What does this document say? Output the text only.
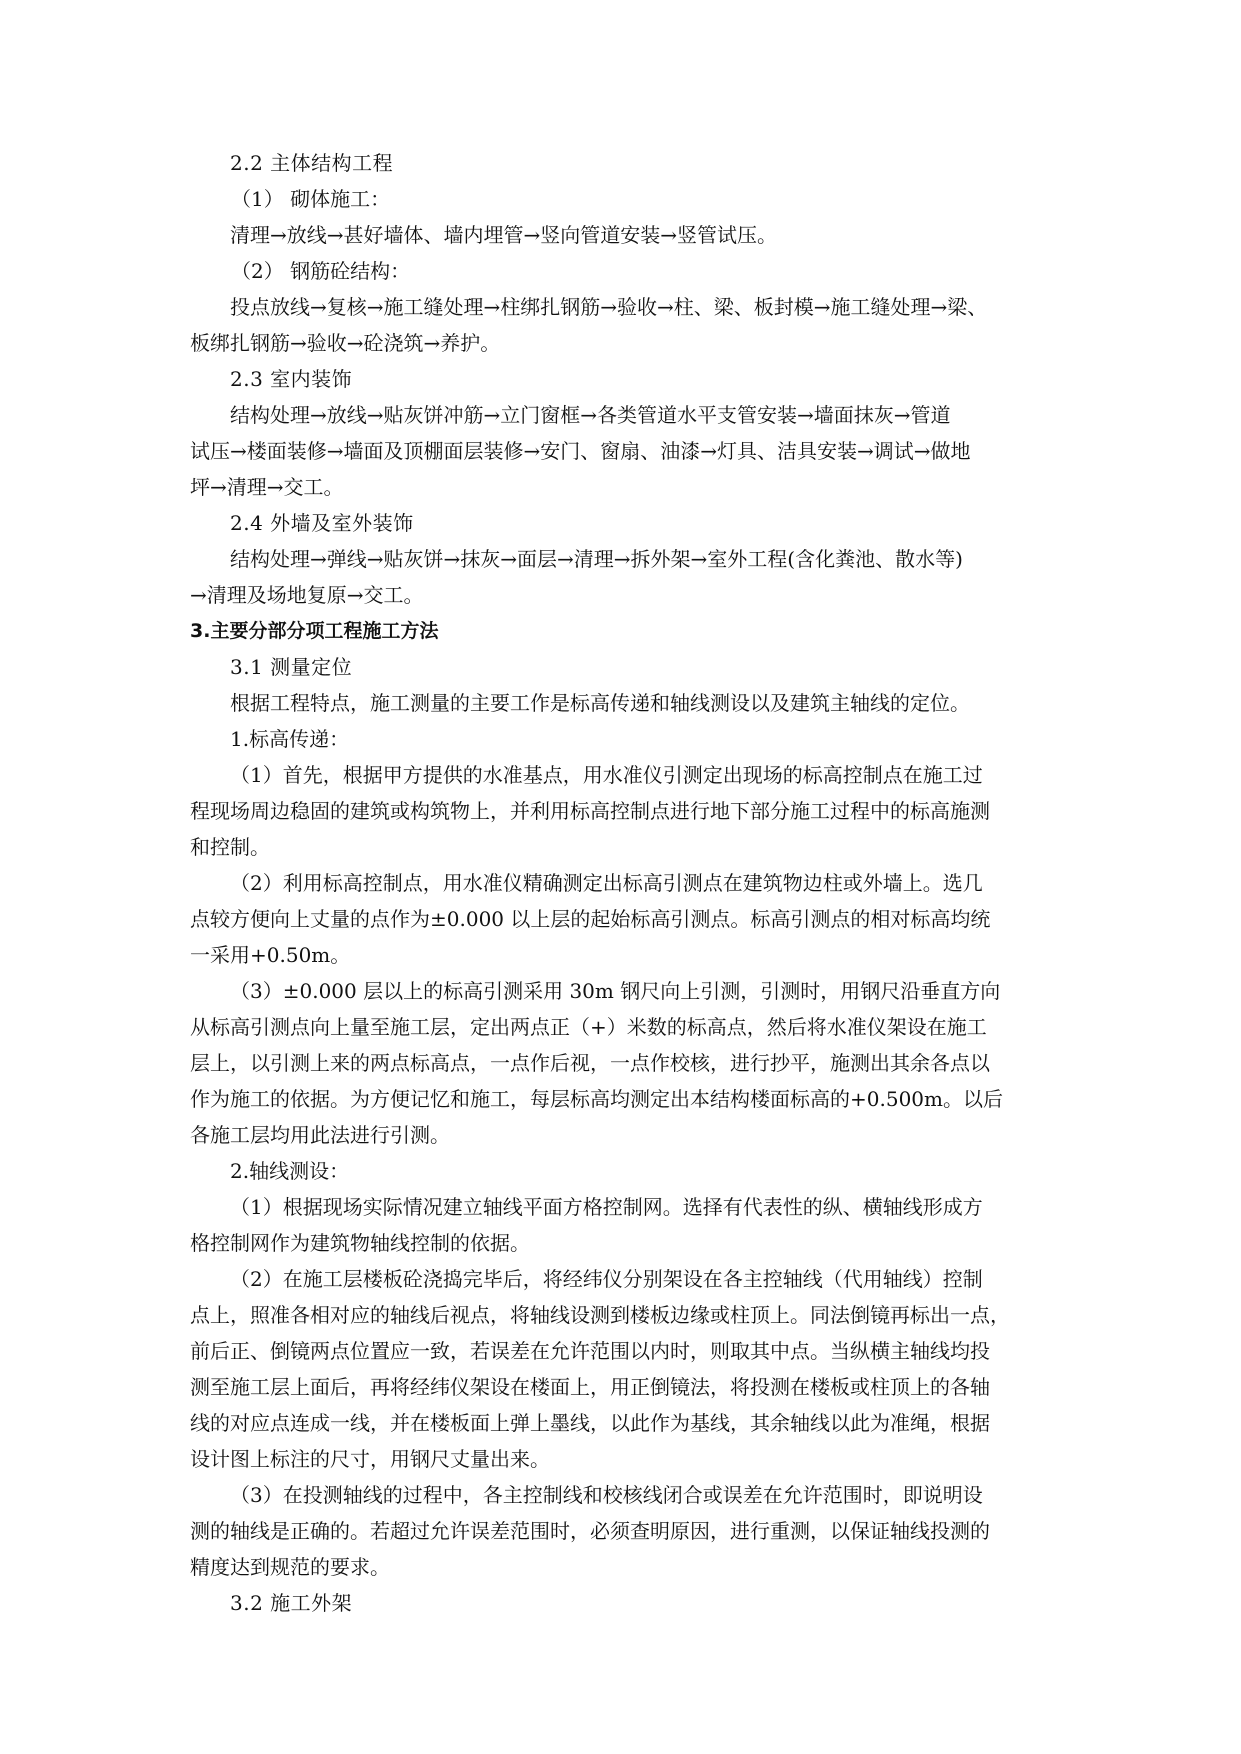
2.2 主体结构工程
（1） 砌体施工：
清理→放线→甚好墙体、墙内埋管→竖向管道安装→竖管试压。
（2） 钢筋砼结构：
投点放线→复核→施工缝处理→柱绑扎钢筋→验收→柱、梁、板封模→施工缝处理→梁、
板绑扎钢筋→验收→砼浇筑→养护。
2.3 室内装饰
结构处理→放线→贴灰饼冲筋→立门窗框→各类管道水平支管安装→墙面抹灰→管道
试压→楼面装修→墙面及顶棚面层装修→安门、窗扇、油漆→灯具、洁具安装→调试→做地
坪→清理→交工。
2.4 外墙及室外装饰
结构处理→弹线→贴灰饼→抹灰→面层→清理→拆外架→室外工程(含化粪池、散水等)
→清理及场地复原→交工。
3.主要分部分项工程施工方法
3.1 测量定位
根据工程特点，施工测量的主要工作是标高传递和轴线测设以及建筑主轴线的定位。
1.标高传递：
（1）首先，根据甲方提供的水准基点，用水准仪引测定出现场的标高控制点在施工过
程现场周边稳固的建筑或构筑物上，并利用标高控制点进行地下部分施工过程中的标高施测
和控制。
（2）利用标高控制点，用水准仪精确测定出标高引测点在建筑物边柱或外墙上。选几
点较方便向上丈量的点作为±0.000 以上层的起始标高引测点。标高引测点的相对标高均统
一采用+0.50m。
（3）±0.000 层以上的标高引测采用 30m 钢尺向上引测，引测时，用钢尺沿垂直方向
从标高引测点向上量至施工层，定出两点正（+）米数的标高点，然后将水准仪架设在施工
层上，以引测上来的两点标高点，一点作后视，一点作校核，进行抄平，施测出其余各点以
作为施工的依据。为方便记忆和施工，每层标高均测定出本结构楼面标高的+0.500m。以后
各施工层均用此法进行引测。
2.轴线测设：
（1）根据现场实际情况建立轴线平面方格控制网。选择有代表性的纵、横轴线形成方
格控制网作为建筑物轴线控制的依据。
（2）在施工层楼板砼浇捣完毕后，将经纬仪分别架设在各主控轴线（代用轴线）控制
点上，照准各相对应的轴线后视点，将轴线设测到楼板边缘或柱顶上。同法倒镜再标出一点，
前后正、倒镜两点位置应一致，若误差在允许范围以内时，则取其中点。当纵横主轴线均投
测至施工层上面后，再将经纬仪架设在楼面上，用正倒镜法，将投测在楼板或柱顶上的各轴
线的对应点连成一线，并在楼板面上弹上墨线，以此作为基线，其余轴线以此为准绳，根据
设计图上标注的尺寸，用钢尺丈量出来。
（3）在投测轴线的过程中，各主控制线和校核线闭合或误差在允许范围时，即说明设
测的轴线是正确的。若超过允许误差范围时，必须查明原因，进行重测，以保证轴线投测的
精度达到规范的要求。
3.2 施工外架
